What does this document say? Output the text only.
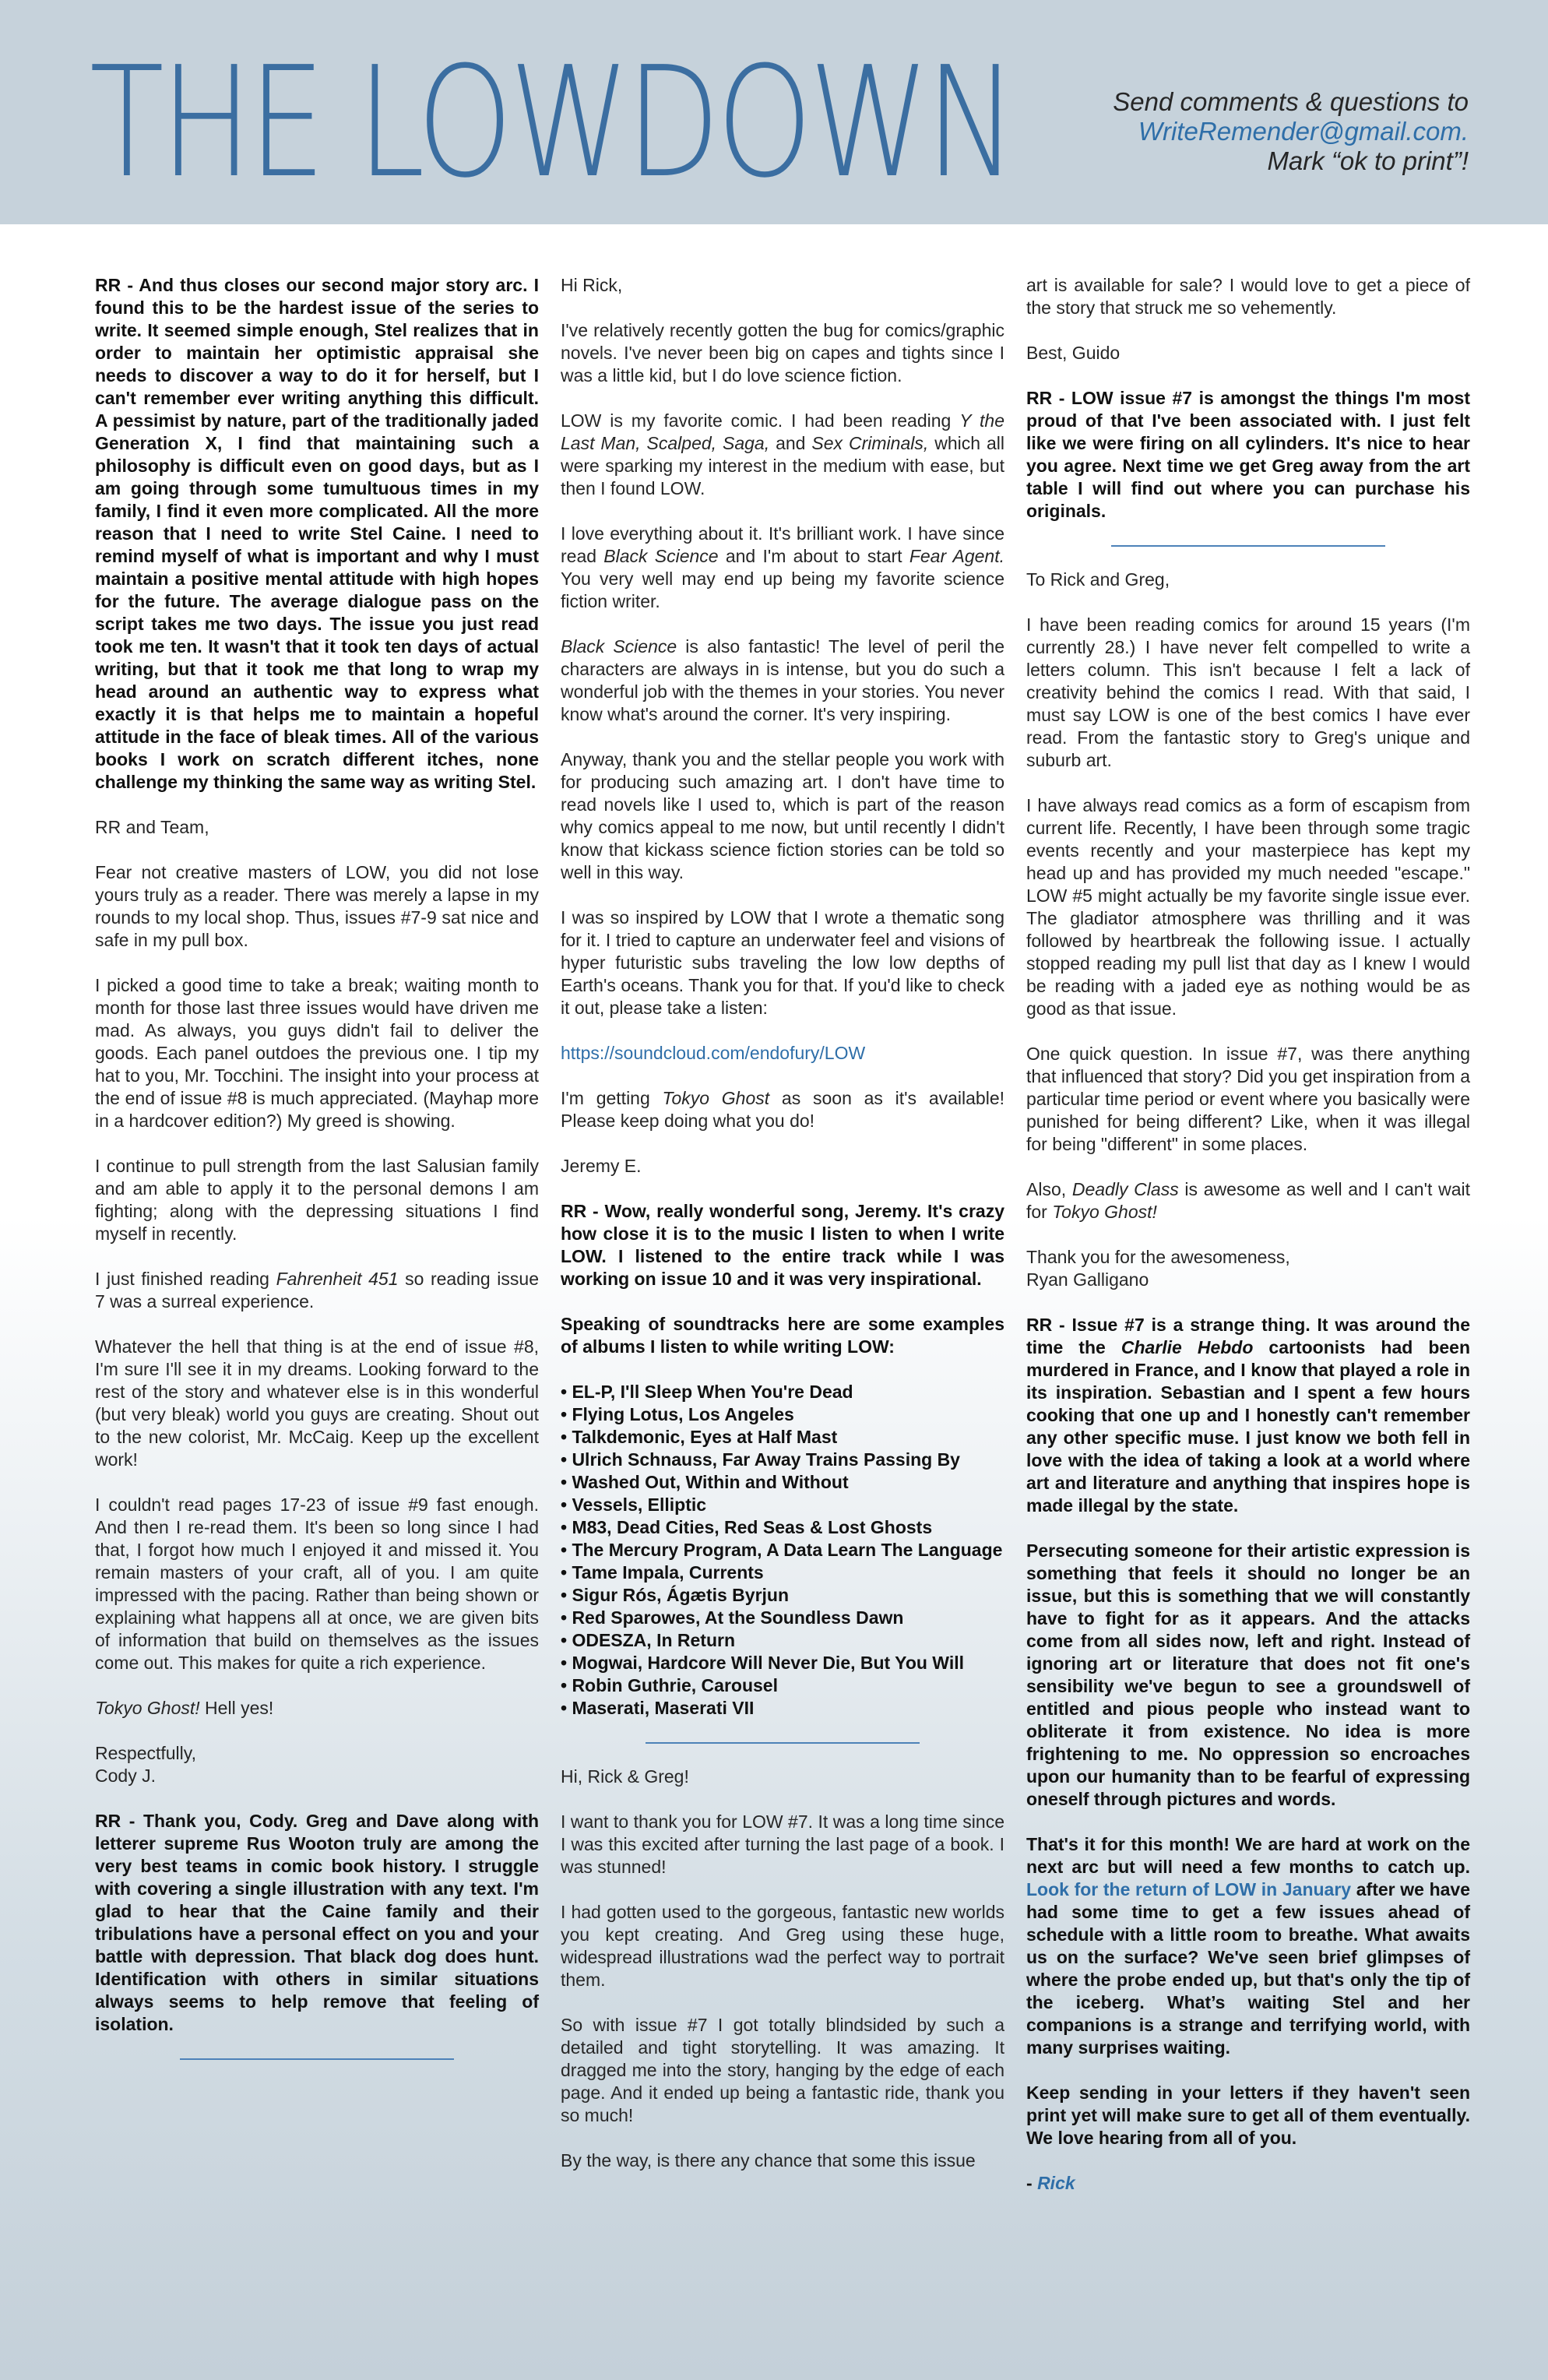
THE LOWDOWN	Send comments & questions to
WriteRemender@gmail.com.
Mark “ok to print”!

RR - And thus closes our second major story arc. I found this to be the hardest issue of the series to write. It seemed simple enough, Stel realizes that in order to maintain her optimistic appraisal she needs to discover a way to do it for herself, but I can't remember ever writing anything this difficult. A pessimist by nature, part of the traditionally jaded Generation X, I find that maintaining such a philosophy is difficult even on good days, but as I am going through some tumultuous times in my family, I find it even more complicated. All the more reason that I need to write Stel Caine. I need to remind myself of what is important and why I must maintain a positive mental attitude with high hopes for the future. The average dialogue pass on the script takes me two days. The issue you just read took me ten. It wasn't that it took ten days of actual writing, but that it took me that long to wrap my head around an authentic way to express what exactly it is that helps me to maintain a hopeful attitude in the face of bleak times. All of the various books I work on scratch different itches, none challenge my thinking the same way as writing Stel.

RR and Team,

Fear not creative masters of LOW, you did not lose yours truly as a reader. There was merely a lapse in my rounds to my local shop. Thus, issues #7-9 sat nice and safe in my pull box.

I picked a good time to take a break; waiting month to month for those last three issues would have driven me mad. As always, you guys didn't fail to deliver the goods. Each panel outdoes the previous one. I tip my hat to you, Mr. Tocchini. The insight into your process at the end of issue #8 is much appreciated. (Mayhap more in a hardcover edition?) My greed is showing.

I continue to pull strength from the last Salusian family and am able to apply it to the personal demons I am fighting; along with the depressing situations I find myself in recently.

I just finished reading Fahrenheit 451 so reading issue 7 was a surreal experience.

Whatever the hell that thing is at the end of issue #8, I'm sure I'll see it in my dreams. Looking forward to the rest of the story and whatever else is in this wonderful (but very bleak) world you guys are creating. Shout out to the new colorist, Mr. McCaig. Keep up the excellent work!

I couldn't read pages 17-23 of issue #9 fast enough. And then I re-read them. It's been so long since I had that, I forgot how much I enjoyed it and missed it. You remain masters of your craft, all of you. I am quite impressed with the pacing. Rather than being shown or explaining what happens all at once, we are given bits of information that build on themselves as the issues come out. This makes for quite a rich experience.

Tokyo Ghost! Hell yes!

Respectfully,
Cody J.

RR - Thank you, Cody. Greg and Dave along with letterer supreme Rus Wooton truly are among the very best teams in comic book history. I struggle with covering a single illustration with any text. I'm glad to hear that the Caine family and their tribulations have a personal effect on you and your battle with depression. That black dog does hunt. Identification with others in similar situations always seems to help remove that feeling of isolation.

Hi Rick,

I've relatively recently gotten the bug for comics/graphic novels. I've never been big on capes and tights since I was a little kid, but I do love science fiction.

LOW is my favorite comic. I had been reading Y the Last Man, Scalped, Saga, and Sex Criminals, which all were sparking my interest in the medium with ease, but then I found LOW.

I love everything about it. It's brilliant work. I have since read Black Science and I'm about to start Fear Agent. You very well may end up being my favorite science fiction writer.

Black Science is also fantastic! The level of peril the characters are always in is intense, but you do such a wonderful job with the themes in your stories. You never know what's around the corner. It's very inspiring.

Anyway, thank you and the stellar people you work with for producing such amazing art. I don't have time to read novels like I used to, which is part of the reason why comics appeal to me now, but until recently I didn't know that kickass science fiction stories can be told so well in this way.

I was so inspired by LOW that I wrote a thematic song for it. I tried to capture an underwater feel and visions of hyper futuristic subs traveling the low low depths of Earth's oceans. Thank you for that. If you'd like to check it out, please take a listen:

https://soundcloud.com/endofury/LOW

I'm getting Tokyo Ghost as soon as it's available! Please keep doing what you do!

Jeremy E.

RR - Wow, really wonderful song, Jeremy. It's crazy how close it is to the music I listen to when I write LOW. I listened to the entire track while I was working on issue 10 and it was very inspirational.

Speaking of soundtracks here are some examples of albums I listen to while writing LOW:

• EL-P, I'll Sleep When You're Dead
• Flying Lotus, Los Angeles
• Talkdemonic, Eyes at Half Mast
• Ulrich Schnauss, Far Away Trains Passing By
• Washed Out, Within and Without
• Vessels, Elliptic
• M83, Dead Cities, Red Seas & Lost Ghosts
• The Mercury Program, A Data Learn The Language
• Tame Impala, Currents
• Sigur Rós, Ágætis Byrjun
• Red Sparowes, At the Soundless Dawn
• ODESZA, In Return
• Mogwai, Hardcore Will Never Die, But You Will
• Robin Guthrie, Carousel
• Maserati, Maserati VII

Hi, Rick & Greg!

I want to thank you for LOW #7. It was a long time since I was this excited after turning the last page of a book. I was stunned!

I had gotten used to the gorgeous, fantastic new worlds you kept creating. And Greg using these huge, widespread illustrations wad the perfect way to portrait them.

So with issue #7 I got totally blindsided by such a detailed and tight storytelling. It was amazing. It dragged me into the story, hanging by the edge of each page. And it ended up being a fantastic ride, thank you so much!

By the way, is there any chance that some this issue

art is available for sale? I would love to get a piece of the story that struck me so vehemently.

Best, Guido

RR - LOW issue #7 is amongst the things I'm most proud of that I've been associated with. I just felt like we were firing on all cylinders. It's nice to hear you agree. Next time we get Greg away from the art table I will find out where you can purchase his originals.

To Rick and Greg,

I have been reading comics for around 15 years (I'm currently 28.) I have never felt compelled to write a letters column. This isn't because I felt a lack of creativity behind the comics I read. With that said, I must say LOW is one of the best comics I have ever read. From the fantastic story to Greg's unique and suburb art.

I have always read comics as a form of escapism from current life. Recently, I have been through some tragic events recently and your masterpiece has kept my head up and has provided my much needed "escape." LOW #5 might actually be my favorite single issue ever. The gladiator atmosphere was thrilling and it was followed by heartbreak the following issue. I actually stopped reading my pull list that day as I knew I would be reading with a jaded eye as nothing would be as good as that issue.

One quick question. In issue #7, was there anything that influenced that story? Did you get inspiration from a particular time period or event where you basically were punished for being different? Like, when it was illegal for being "different" in some places.

Also, Deadly Class is awesome as well and I can't wait for Tokyo Ghost!

Thank you for the awesomeness,
Ryan Galligano

RR - Issue #7 is a strange thing. It was around the time the Charlie Hebdo cartoonists had been murdered in France, and I know that played a role in its inspiration. Sebastian and I spent a few hours cooking that one up and I honestly can't remember any other specific muse. I just know we both fell in love with the idea of taking a look at a world where art and literature and anything that inspires hope is made illegal by the state.

Persecuting someone for their artistic expression is something that feels it should no longer be an issue, but this is something that we will constantly have to fight for as it appears. And the attacks come from all sides now, left and right. Instead of ignoring art or literature that does not fit one's sensibility we've begun to see a groundswell of entitled and pious people who instead want to obliterate it from existence. No idea is more frightening to me. No oppression so encroaches upon our humanity than to be fearful of expressing oneself through pictures and words.

That's it for this month! We are hard at work on the next arc but will need a few months to catch up. Look for the return of LOW in January after we have had some time to get a few issues ahead of schedule with a little room to breathe. What awaits us on the surface? We've seen brief glimpses of where the probe ended up, but that's only the tip of the iceberg. What’s waiting Stel and her companions is a strange and terrifying world, with many surprises waiting.

Keep sending in your letters if they haven't seen print yet will make sure to get all of them eventually. We love hearing from all of you.

- Rick
